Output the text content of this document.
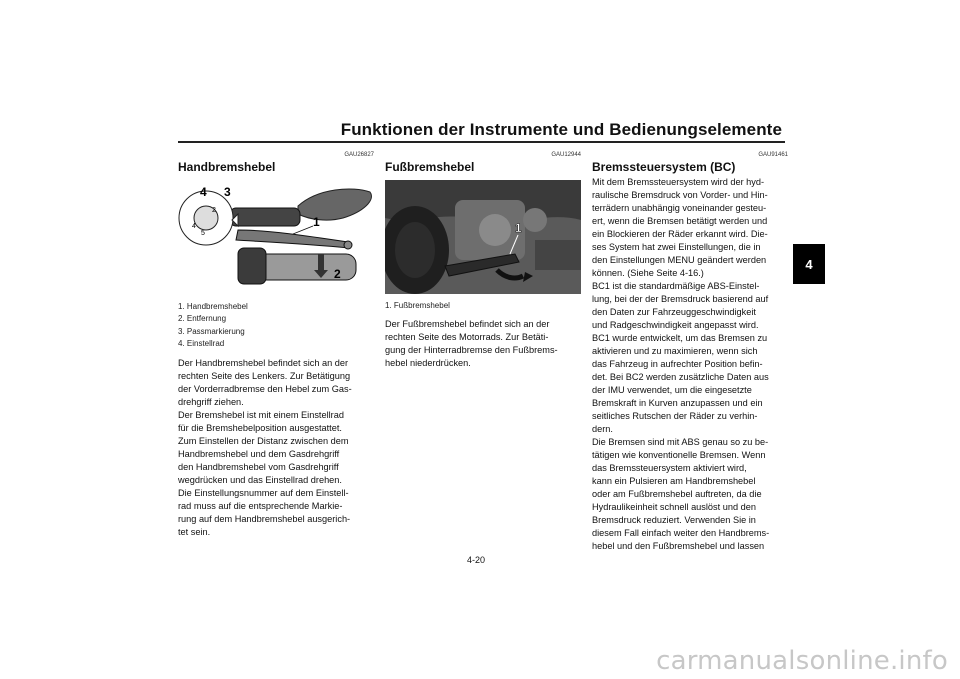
Funktionen der Instrumente und Bedienungselemente
4
GAU26827
Handbremshebel
4
2
5
4 3
1
2
1. Handbremshebel
2. Entfernung
3. Passmarkierung
4. Einstellrad

Der Handbremshebel befindet sich an der

rechten Seite des Lenkers. Zur Betätigung

der Vorderradbremse den Hebel zum Gas-

drehgriff ziehen.

Der Bremshebel ist mit einem Einstellrad

für die Bremshebelposition ausgestattet.

Zum Einstellen der Distanz zwischen dem

Handbremshebel und dem Gasdrehgriff

den Handbremshebel vom Gasdrehgriff

wegdrücken und das Einstellrad drehen.

Die Einstellungsnummer auf dem Einstell-

rad muss auf die entsprechende Markie-

rung auf dem Handbremshebel ausgerich-

tet sein.

GAU12944
Fußbremshebel
1
1. Fußbremshebel

Der Fußbremshebel befindet sich an der

rechten Seite des Motorrads. Zur Betäti-

gung der Hinterradbremse den Fußbrems-

hebel niederdrücken.

GAU91461
Bremssteuersystem (BC)

Mit dem Bremssteuersystem wird der hyd-

raulische Bremsdruck von Vorder- und Hin-

terrädern unabhängig voneinander gesteu-

ert, wenn die Bremsen betätigt werden und

ein Blockieren der Räder erkannt wird. Die-

ses System hat zwei Einstellungen, die in

den Einstellungen MENU geändert werden

können. (Siehe Seite 4-16.)

BC1 ist die standardmäßige ABS-Einstel-

lung, bei der der Bremsdruck basierend auf

den Daten zur Fahrzeuggeschwindigkeit

und Radgeschwindigkeit angepasst wird.

BC1 wurde entwickelt, um das Bremsen zu

aktivieren und zu maximieren, wenn sich

das Fahrzeug in aufrechter Position befin-

det. Bei BC2 werden zusätzliche Daten aus

der IMU verwendet, um die eingesetzte

Bremskraft in Kurven anzupassen und ein

seitliches Rutschen der Räder zu verhin-

dern.

Die Bremsen sind mit ABS genau so zu be-

tätigen wie konventionelle Bremsen. Wenn

das Bremssteuersystem aktiviert wird,

kann ein Pulsieren am Handbremshebel

oder am Fußbremshebel auftreten, da die

Hydraulikeinheit schnell auslöst und den

Bremsdruck reduziert. Verwenden Sie in

diesem Fall einfach weiter den Handbrems-

hebel und den Fußbremshebel und lassen

4-20
carmanualsonline.info
